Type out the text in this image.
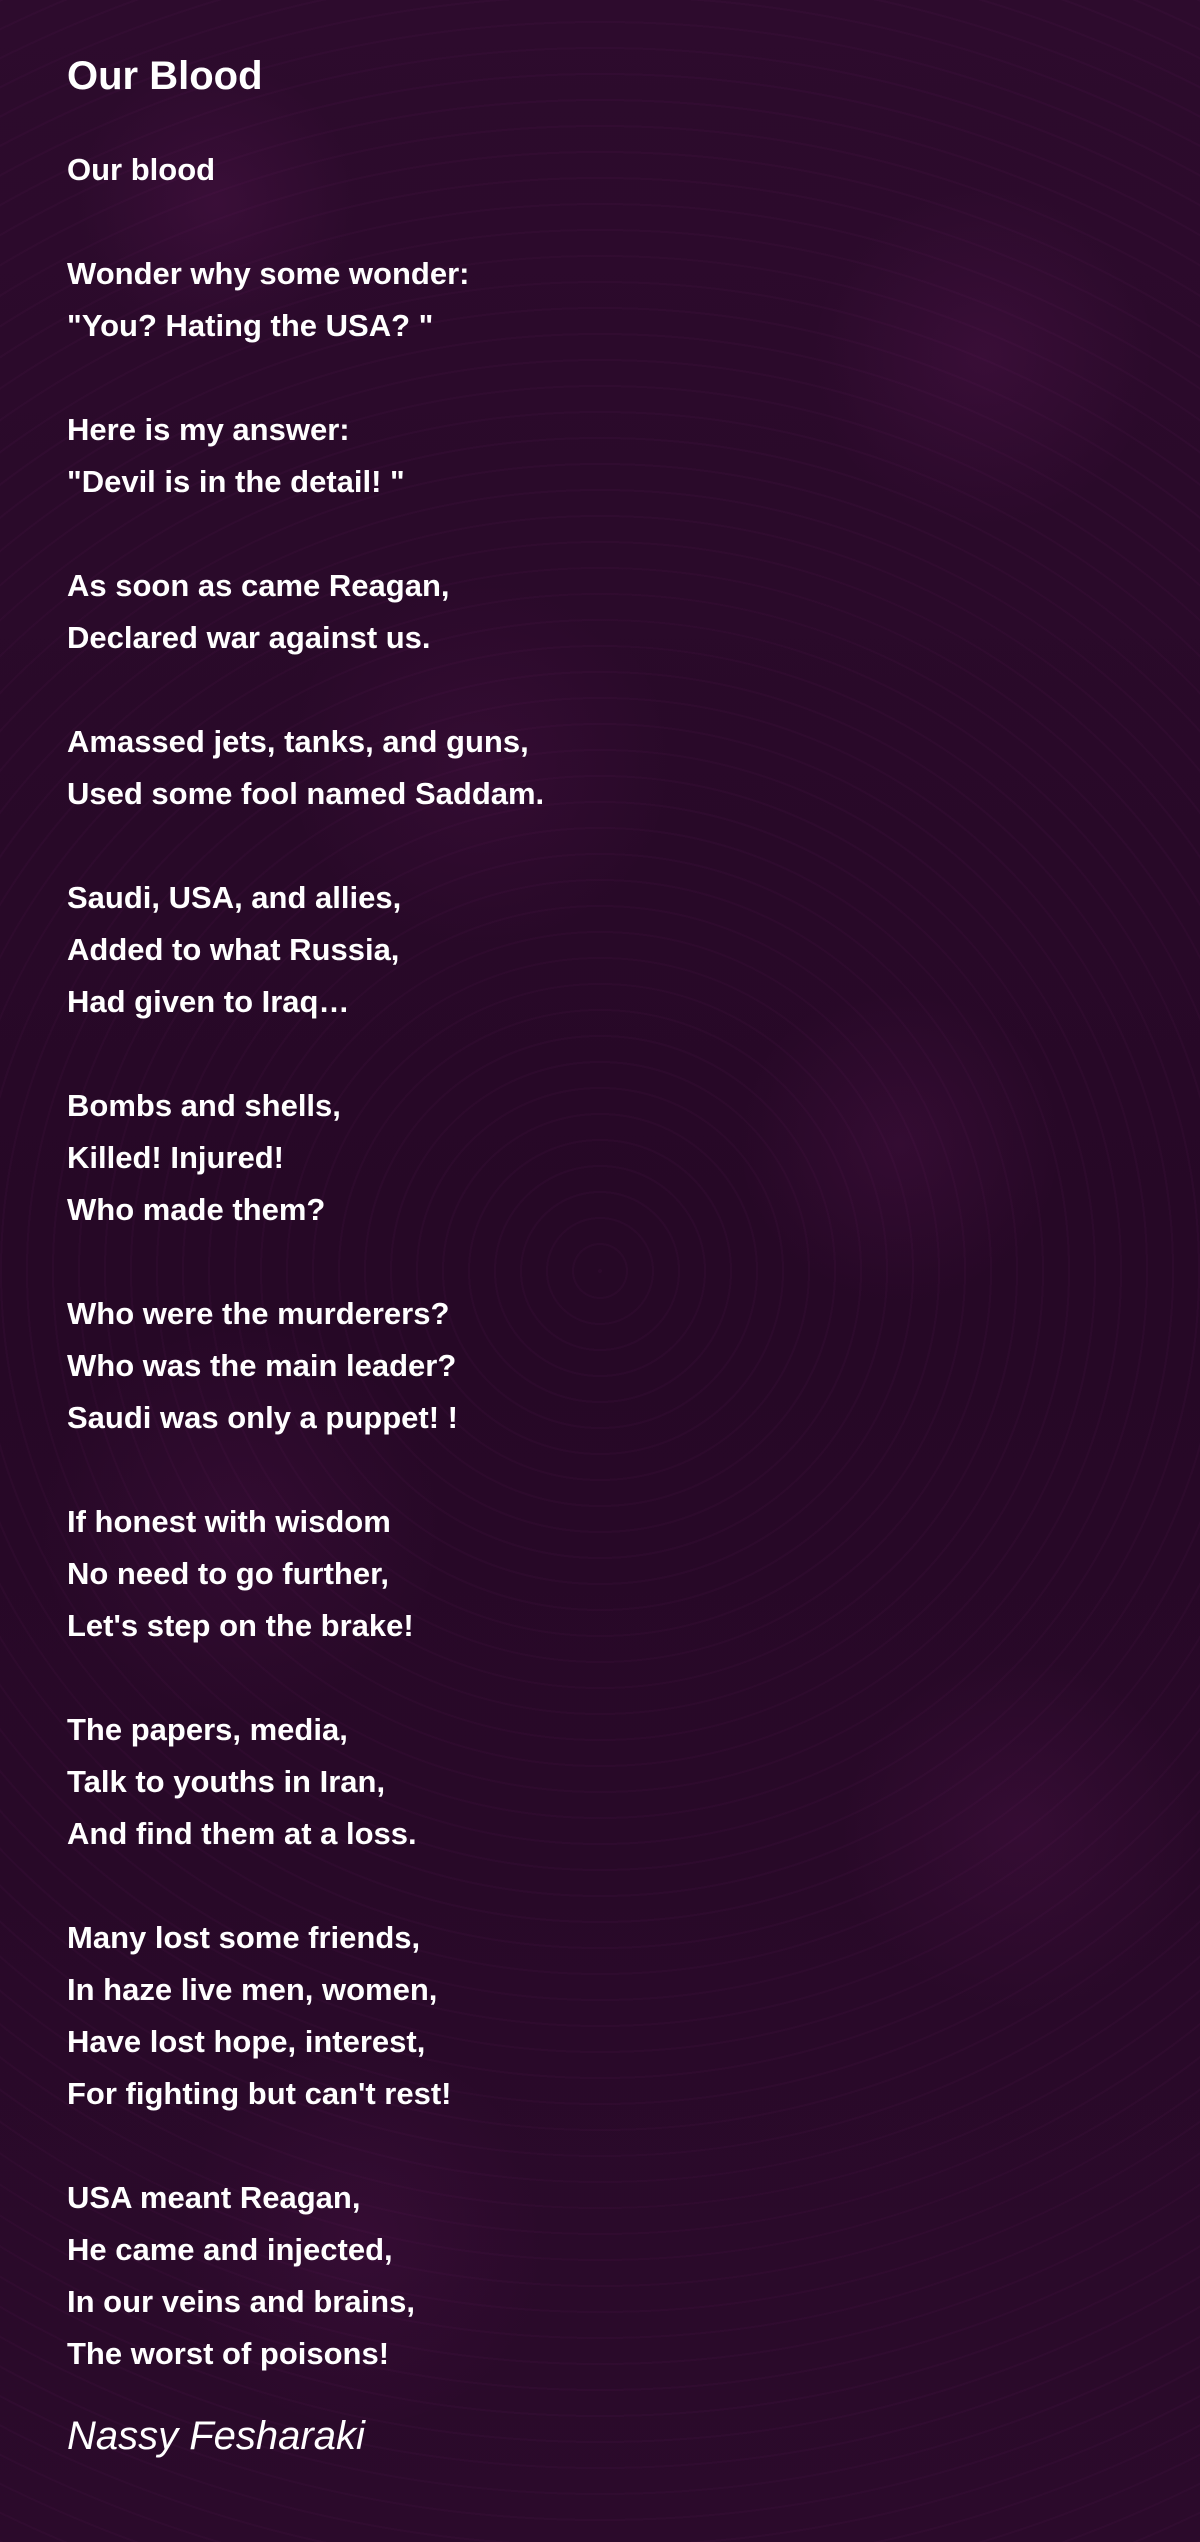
Our Blood
Our blood
Wonder why some wonder:
"You? Hating the USA? "
Here is my answer:
"Devil is in the detail! "
As soon as came Reagan,
Declared war against us.
Amassed jets, tanks, and guns,
Used some fool named Saddam.
Saudi, USA, and allies,
Added to what Russia,
Had given to Iraq…
Bombs and shells,
Killed! Injured!
Who made them?
Who were the murderers?
Who was the main leader?
Saudi was only a puppet! !
If honest with wisdom
No need to go further,
Let's step on the brake!
The papers, media,
Talk to youths in Iran,
And find them at a loss.
Many lost some friends,
In haze live men, women,
Have lost hope, interest,
For fighting but can't rest!
USA meant Reagan,
He came and injected,
In our veins and brains,
The worst of poisons!
Nassy Fesharaki
